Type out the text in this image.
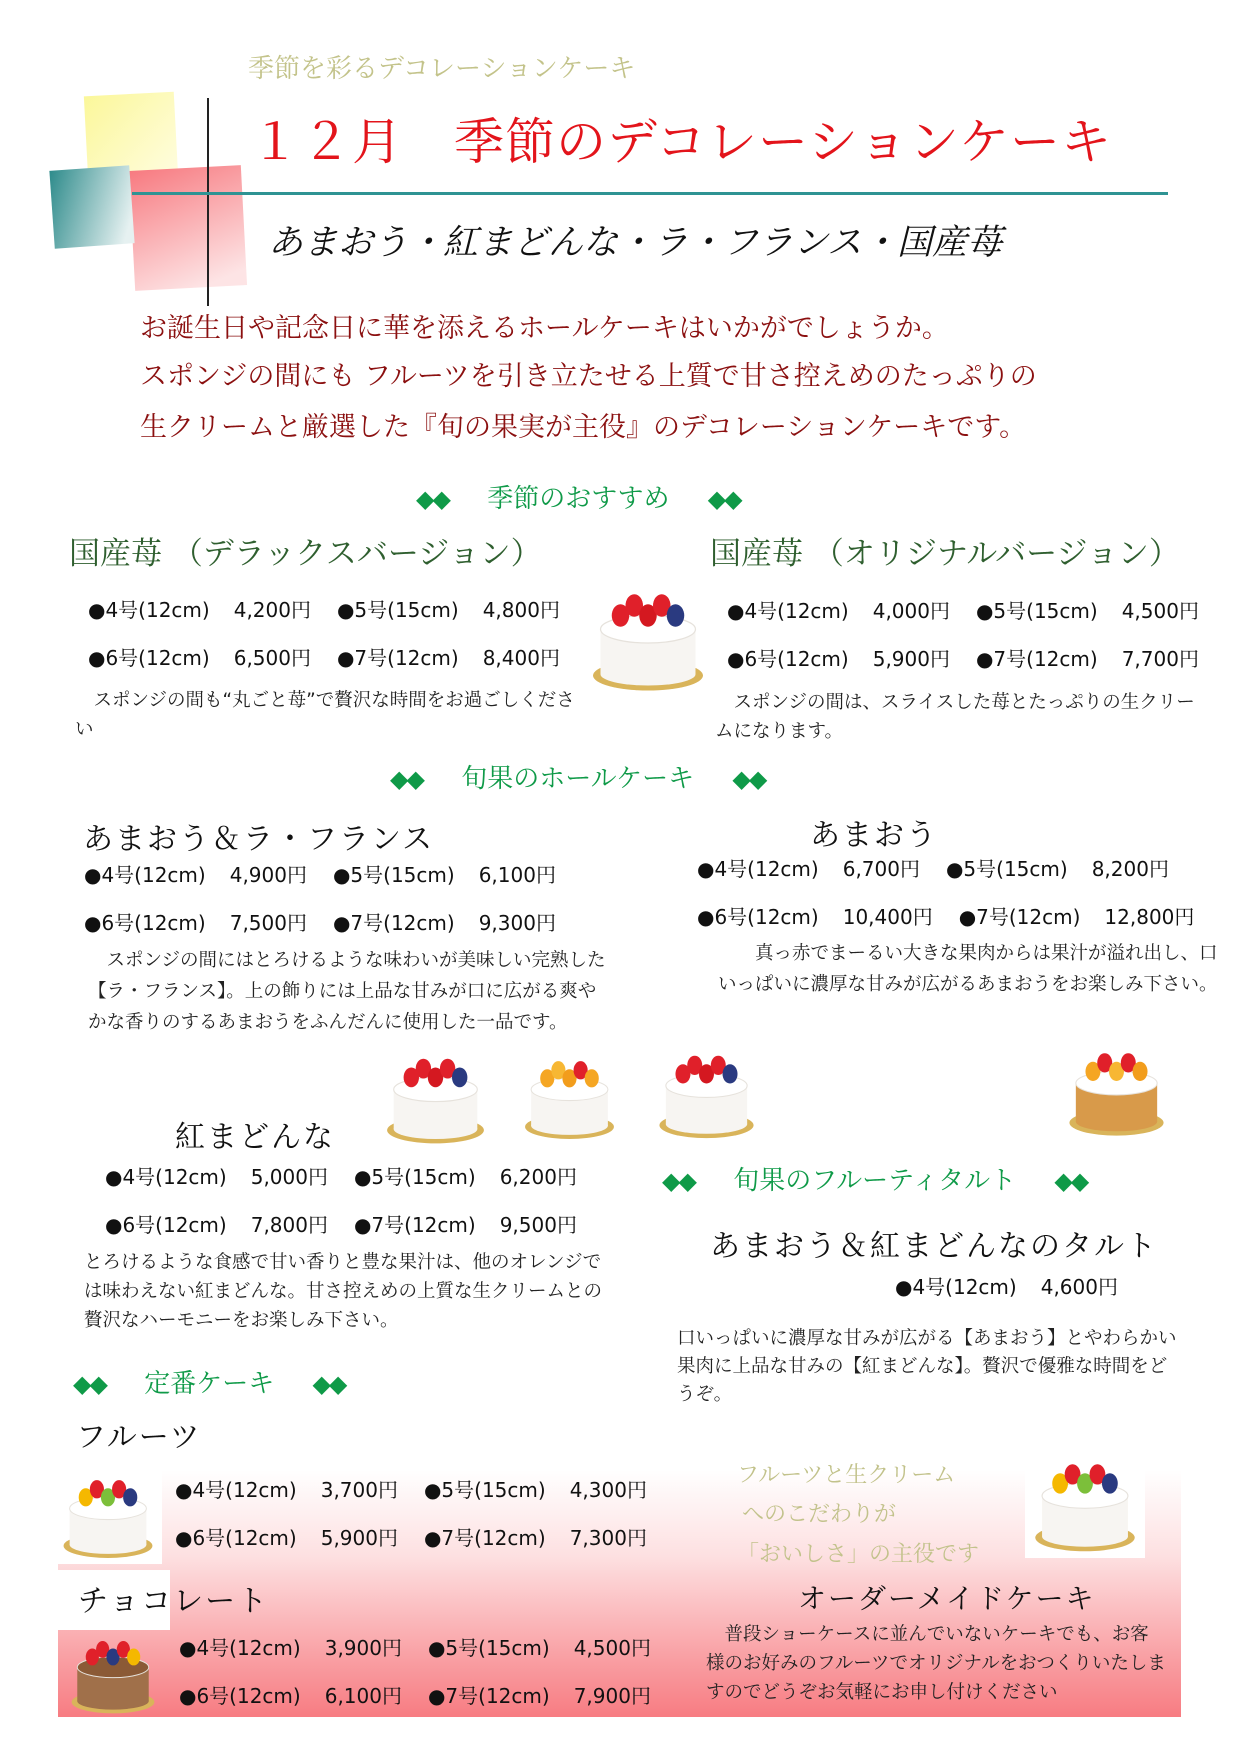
季節を彩るデコレーションケーキ
１２月　季節のデコレーションケーキ
あまおう・紅まどんな・ラ・フランス・国産苺
お誕生日や記念日に華を添えるホールケーキはいかがでしょうか。
スポンジの間にも フルーツを引き立たせる上質で甘さ控えめのたっぷりの
生クリームと厳選した『旬の果実が主役』のデコレーションケーキです。
◆◆ 季節のおすすめ ◆◆
国産苺 （デラックスバージョン）	国産苺 （オリジナルバージョン）
●4号(12cm) 4,200円 ●5号(15cm) 4,800円
●6号(12cm) 6,500円 ●7号(12cm) 8,400円
●4号(12cm) 4,000円 ●5号(15cm) 4,500円
●6号(12cm) 5,900円 ●7号(12cm) 7,700円
　スポンジの間も“丸ごと苺”で贅沢な時間をお過ごしください
　スポンジの間は、スライスした苺とたっぷりの生クリームになります。
◆◆ 旬果のホールケーキ ◆◆
あまおう＆ラ・フランス
●4号(12cm) 4,900円 ●5号(15cm) 6,100円
●6号(12cm) 7,500円 ●7号(12cm) 9,300円
　スポンジの間にはとろけるような味わいが美味しい完熟した【ラ・フランス】。上の飾りには上品な甘みが口に広がる爽やかな香りのするあまおうをふんだんに使用した一品です。
あまおう
●4号(12cm) 6,700円 ●5号(15cm) 8,200円
●6号(12cm) 10,400円 ●7号(12cm) 12,800円
　　真っ赤でまーるい大きな果肉からは果汁が溢れ出し、口いっぱいに濃厚な甘みが広がるあまおうをお楽しみ下さい。
紅まどんな
●4号(12cm) 5,000円 ●5号(15cm) 6,200円
●6号(12cm) 7,800円 ●7号(12cm) 9,500円
とろけるような食感で甘い香りと豊な果汁は、他のオレンジでは味わえない紅まどんな。甘さ控えめの上質な生クリームとの贅沢なハーモニーをお楽しみ下さい。
◆◆ 旬果のフルーティタルト ◆◆
あまおう＆紅まどんなのタルト
●4号(12cm) 4,600円
口いっぱいに濃厚な甘みが広がる【あまおう】とやわらかい果肉に上品な甘みの【紅まどんな】。贅沢で優雅な時間をどうぞ。
◆◆ 定番ケーキ ◆◆
フルーツ
●4号(12cm) 3,700円 ●5号(15cm) 4,300円
●6号(12cm) 5,900円 ●7号(12cm) 7,300円
フルーツと生クリーム
へのこだわりが
「おいしさ」の主役です
チョコレート
●4号(12cm) 3,900円 ●5号(15cm) 4,500円
●6号(12cm) 6,100円 ●7号(12cm) 7,900円
オーダーメイドケーキ
　普段ショーケースに並んでいないケーキでも、お客様のお好みのフルーツでオリジナルをおつくりいたしますのでどうぞお気軽にお申し付けください
